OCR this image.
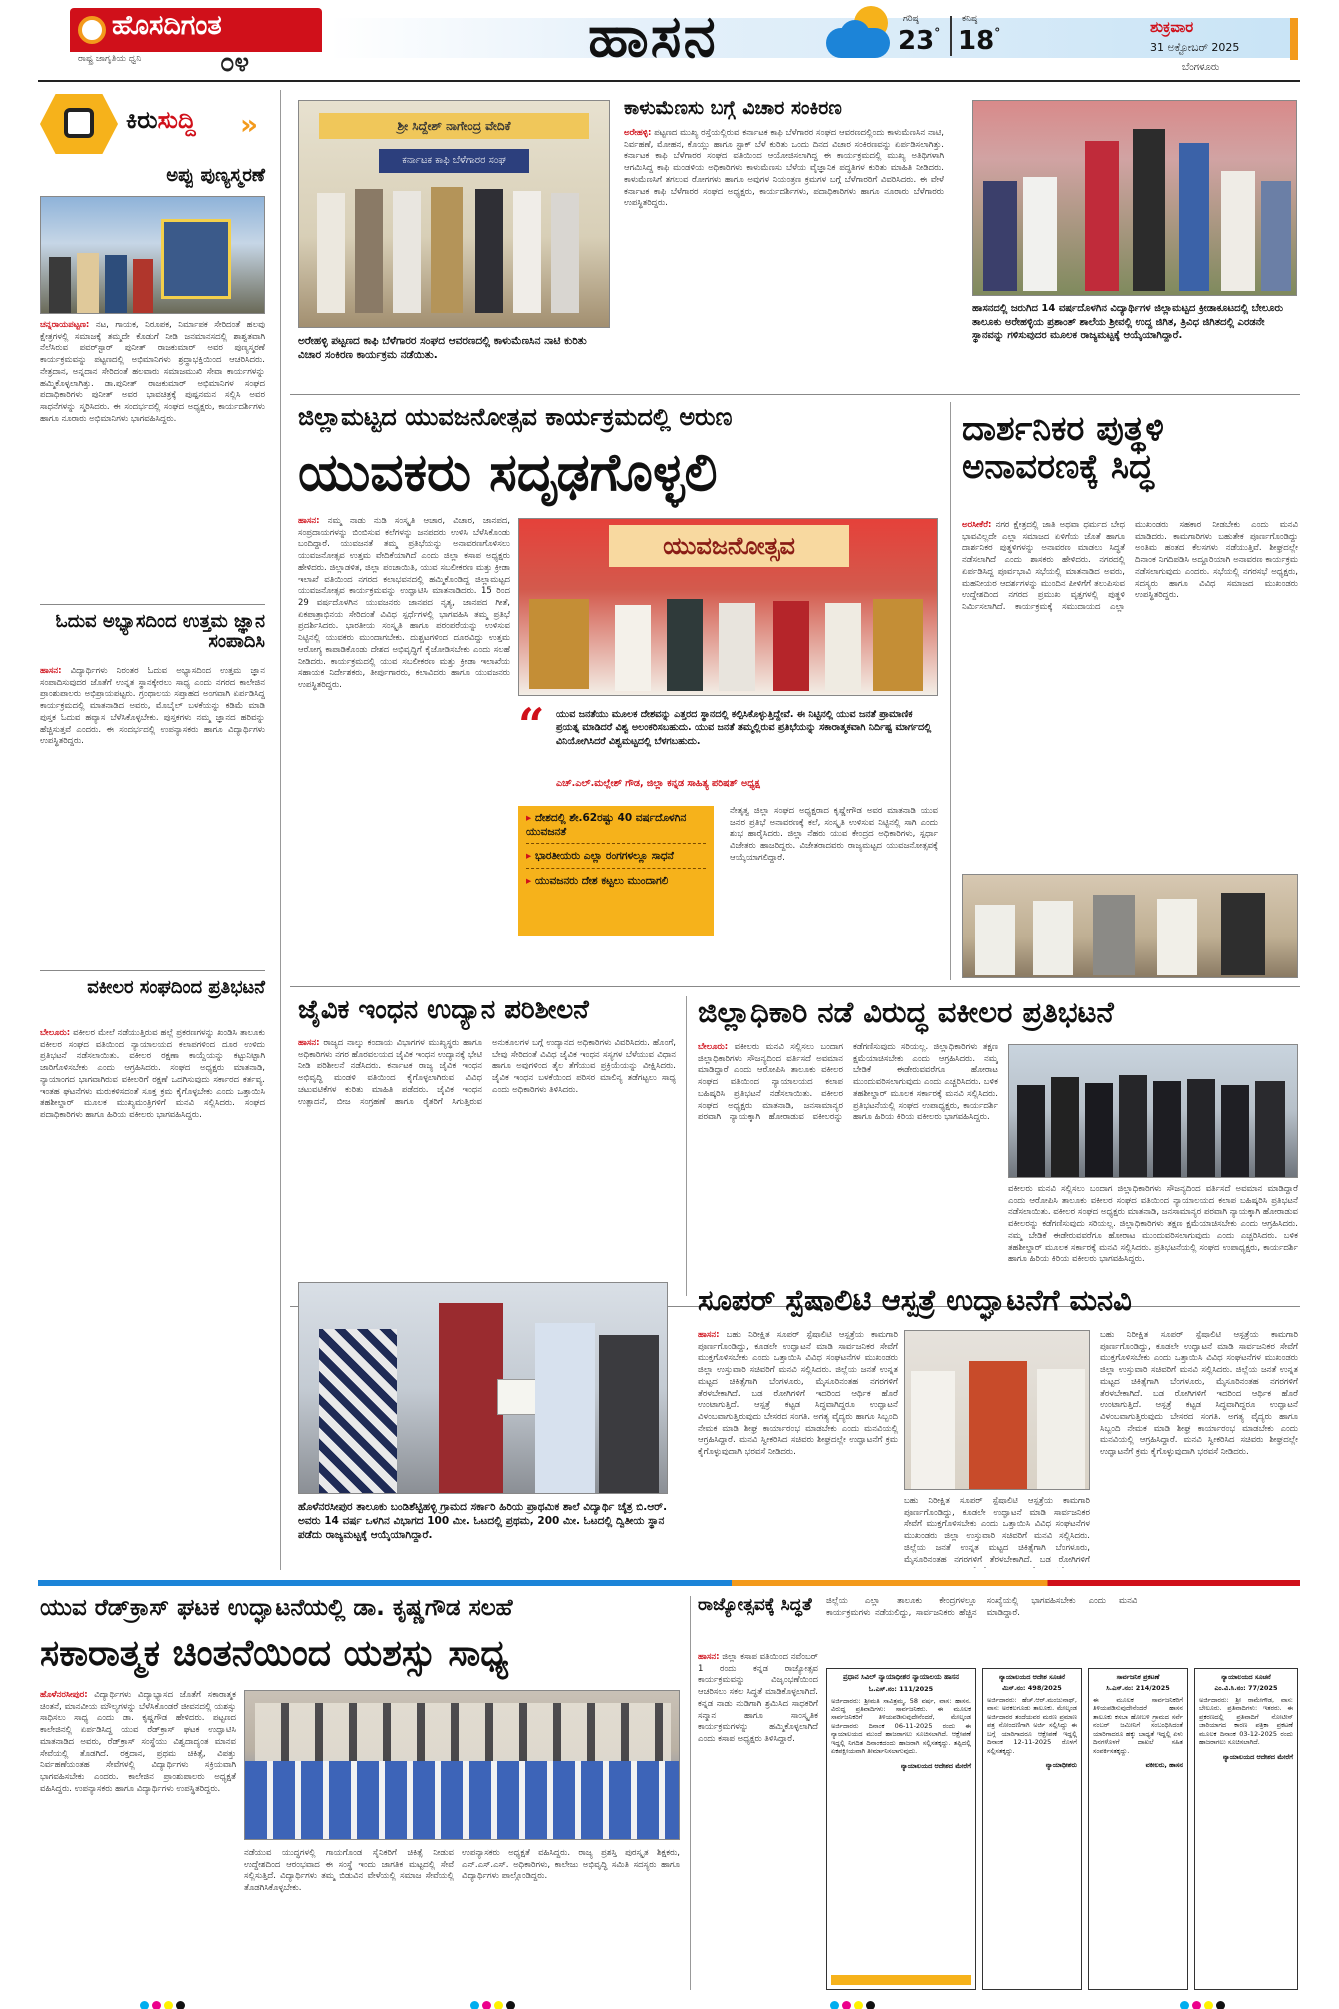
ಹೊಸದಿಗಂತ
ರಾಷ್ಟ್ರ ಜಾಗೃತಿಯ ಧ್ವನಿ	೦೪	ಹಾಸನ	ಗರಿಷ್ಠ
23°
ಕನಿಷ್ಠ
18°	ಶುಕ್ರವಾರ
31 ಅಕ್ಟೋಬರ್ 2025
ಬೆಂಗಳೂರು
ಕಿರುಸುದ್ದಿ »
ಅಪ್ಪು ಪುಣ್ಯಸ್ಮರಣೆ
ಚನ್ನರಾಯಪಟ್ಟಣ: ನಟ, ಗಾಯಕ, ನಿರೂಪಕ, ನಿರ್ಮಾಪಕ ಸೇರಿದಂತೆ ಹಲವು ಕ್ಷೇತ್ರಗಳಲ್ಲಿ ಸಮಾಜಕ್ಕೆ ತಮ್ಮದೇ ಕೊಡುಗೆ ನೀಡಿ ಜನಮಾನಸದಲ್ಲಿ ಶಾಶ್ವತವಾಗಿ ನೆಲೆಸಿರುವ ಪವರ್‌ಸ್ಟಾರ್ ಪುನೀತ್ ರಾಜಕುಮಾರ್ ಅವರ ಪುಣ್ಯಸ್ಮರಣೆ ಕಾರ್ಯಕ್ರಮವನ್ನು ಪಟ್ಟಣದಲ್ಲಿ ಅಭಿಮಾನಿಗಳು ಶ್ರದ್ಧಾಭಕ್ತಿಯಿಂದ ಆಚರಿಸಿದರು. ನೇತ್ರದಾನ, ಅನ್ನದಾನ ಸೇರಿದಂತೆ ಹಲವಾರು ಸಮಾಜಮುಖಿ ಸೇವಾ ಕಾರ್ಯಗಳನ್ನು ಹಮ್ಮಿಕೊಳ್ಳಲಾಗಿತ್ತು. ಡಾ.ಪುನೀತ್ ರಾಜಕುಮಾರ್ ಅಭಿಮಾನಿಗಳ ಸಂಘದ ಪದಾಧಿಕಾರಿಗಳು ಪುನೀತ್ ಅವರ ಭಾವಚಿತ್ರಕ್ಕೆ ಪುಷ್ಪನಮನ ಸಲ್ಲಿಸಿ ಅವರ ಸಾಧನೆಗಳನ್ನು ಸ್ಮರಿಸಿದರು. ಈ ಸಂದರ್ಭದಲ್ಲಿ ಸಂಘದ ಅಧ್ಯಕ್ಷರು, ಕಾರ್ಯದರ್ಶಿಗಳು ಹಾಗೂ ನೂರಾರು ಅಭಿಮಾನಿಗಳು ಭಾಗವಹಿಸಿದ್ದರು.
ಓದುವ ಅಭ್ಯಾಸದಿಂದ ಉತ್ತಮ ಜ್ಞಾನ ಸಂಪಾದಿಸಿ
ಹಾಸನ: ವಿದ್ಯಾರ್ಥಿಗಳು ನಿರಂತರ ಓದುವ ಅಭ್ಯಾಸದಿಂದ ಉತ್ತಮ ಜ್ಞಾನ ಸಂಪಾದಿಸುವುದರ ಜೊತೆಗೆ ಉನ್ನತ ಸ್ಥಾನಕ್ಕೇರಲು ಸಾಧ್ಯ ಎಂದು ನಗರದ ಕಾಲೇಜಿನ ಪ್ರಾಂಶುಪಾಲರು ಅಭಿಪ್ರಾಯಪಟ್ಟರು. ಗ್ರಂಥಾಲಯ ಸಪ್ತಾಹದ ಅಂಗವಾಗಿ ಏರ್ಪಡಿಸಿದ್ದ ಕಾರ್ಯಕ್ರಮದಲ್ಲಿ ಮಾತನಾಡಿದ ಅವರು, ಮೊಬೈಲ್ ಬಳಕೆಯನ್ನು ಕಡಿಮೆ ಮಾಡಿ ಪುಸ್ತಕ ಓದುವ ಹವ್ಯಾಸ ಬೆಳೆಸಿಕೊಳ್ಳಬೇಕು. ಪುಸ್ತಕಗಳು ನಮ್ಮ ಜ್ಞಾನದ ಹರಿವನ್ನು ಹೆಚ್ಚಿಸುತ್ತವೆ ಎಂದರು. ಈ ಸಂದರ್ಭದಲ್ಲಿ ಉಪನ್ಯಾಸಕರು ಹಾಗೂ ವಿದ್ಯಾರ್ಥಿಗಳು ಉಪಸ್ಥಿತರಿದ್ದರು.
ವಕೀಲರ ಸಂಘದಿಂದ ಪ್ರತಿಭಟನೆ
ಬೇಲೂರು: ವಕೀಲರ ಮೇಲೆ ನಡೆಯುತ್ತಿರುವ ಹಲ್ಲೆ ಪ್ರಕರಣಗಳನ್ನು ಖಂಡಿಸಿ ತಾಲೂಕು ವಕೀಲರ ಸಂಘದ ವತಿಯಿಂದ ನ್ಯಾಯಾಲಯದ ಕಲಾಪಗಳಿಂದ ದೂರ ಉಳಿದು ಪ್ರತಿಭಟನೆ ನಡೆಸಲಾಯಿತು. ವಕೀಲರ ರಕ್ಷಣಾ ಕಾಯ್ದೆಯನ್ನು ಕಟ್ಟುನಿಟ್ಟಾಗಿ ಜಾರಿಗೊಳಿಸಬೇಕು ಎಂದು ಆಗ್ರಹಿಸಿದರು. ಸಂಘದ ಅಧ್ಯಕ್ಷರು ಮಾತನಾಡಿ, ನ್ಯಾಯಾಂಗದ ಭಾಗವಾಗಿರುವ ವಕೀಲರಿಗೆ ರಕ್ಷಣೆ ಒದಗಿಸುವುದು ಸರ್ಕಾರದ ಕರ್ತವ್ಯ. ಇಂತಹ ಘಟನೆಗಳು ಮರುಕಳಿಸದಂತೆ ಸೂಕ್ತ ಕ್ರಮ ಕೈಗೊಳ್ಳಬೇಕು ಎಂದು ಒತ್ತಾಯಿಸಿ ತಹಶೀಲ್ದಾರ್ ಮೂಲಕ ಮುಖ್ಯಮಂತ್ರಿಗಳಿಗೆ ಮನವಿ ಸಲ್ಲಿಸಿದರು. ಸಂಘದ ಪದಾಧಿಕಾರಿಗಳು ಹಾಗೂ ಹಿರಿಯ ವಕೀಲರು ಭಾಗವಹಿಸಿದ್ದರು.
ಶ್ರೀ ಸಿದ್ದೇಶ್ ನಾಗೇಂದ್ರ ವೇದಿಕೆ
ಕರ್ನಾಟಕ ಕಾಫಿ ಬೆಳೆಗಾರರ ಸಂಘ
ಅರೇಹಳ್ಳಿ ಪಟ್ಟಣದ ಕಾಫಿ ಬೆಳೆಗಾರರ ಸಂಘದ ಆವರಣದಲ್ಲಿ ಕಾಳುಮೆಣಸಿನ ನಾಟಿ ಕುರಿತು ವಿಚಾರ ಸಂಕಿರಣ ಕಾರ್ಯಕ್ರಮ ನಡೆಯಿತು.
ಕಾಳುಮೆಣಸು ಬಗ್ಗೆ ವಿಚಾರ ಸಂಕಿರಣ
ಅರೇಹಳ್ಳಿ: ಪಟ್ಟಣದ ಮುಖ್ಯ ರಸ್ತೆಯಲ್ಲಿರುವ ಕರ್ನಾಟಕ ಕಾಫಿ ಬೆಳೆಗಾರರ ಸಂಘದ ಆವರಣದಲ್ಲಿಂದು ಕಾಳುಮೆಣಸಿನ ನಾಟಿ, ನಿರ್ವಹಣೆ, ಮೋಹನ, ಕೊಯ್ಲು ಹಾಗೂ ಸ್ಟಾಕ್ ಬೆಳೆ ಕುರಿತು ಒಂದು ದಿನದ ವಿಚಾರ ಸಂಕಿರಣವನ್ನು ಏರ್ಪಡಿಸಲಾಗಿತ್ತು. ಕರ್ನಾಟಕ ಕಾಫಿ ಬೆಳೆಗಾರರ ಸಂಘದ ವತಿಯಿಂದ ಆಯೋಜಿಸಲಾಗಿದ್ದ ಈ ಕಾರ್ಯಕ್ರಮದಲ್ಲಿ ಮುಖ್ಯ ಅತಿಥಿಗಳಾಗಿ ಆಗಮಿಸಿದ್ದ ಕಾಫಿ ಮಂಡಳಿಯ ಅಧಿಕಾರಿಗಳು ಕಾಳುಮೆಣಸು ಬೆಳೆಯ ವೈಜ್ಞಾನಿಕ ಪದ್ಧತಿಗಳ ಕುರಿತು ಮಾಹಿತಿ ನೀಡಿದರು. ಕಾಳುಮೆಣಸಿಗೆ ತಗಲುವ ರೋಗಗಳು ಹಾಗೂ ಅವುಗಳ ನಿಯಂತ್ರಣ ಕ್ರಮಗಳ ಬಗ್ಗೆ ಬೆಳೆಗಾರರಿಗೆ ವಿವರಿಸಿದರು. ಈ ವೇಳೆ ಕರ್ನಾಟಕ ಕಾಫಿ ಬೆಳೆಗಾರರ ಸಂಘದ ಅಧ್ಯಕ್ಷರು, ಕಾರ್ಯದರ್ಶಿಗಳು, ಪದಾಧಿಕಾರಿಗಳು ಹಾಗೂ ನೂರಾರು ಬೆಳೆಗಾರರು ಉಪಸ್ಥಿತರಿದ್ದರು.
ಹಾಸನದಲ್ಲಿ ಜರುಗಿದ 14 ವರ್ಷದೊಳಗಿನ ವಿದ್ಯಾರ್ಥಿಗಳ ಜಿಲ್ಲಾಮಟ್ಟದ ಕ್ರೀಡಾಕೂಟದಲ್ಲಿ ಬೇಲೂರು ತಾಲೂಕು ಅರೇಹಳ್ಳಿಯ ಪ್ರಶಾಂತ್ ಶಾಲೆಯ ಶ್ರೀವಲ್ಲಿ ಉದ್ದ ಜಿಗಿತ, ತ್ರಿವಿಧ ಜಿಗಿತದಲ್ಲಿ ಎರಡನೇ ಸ್ಥಾನವನ್ನು ಗಳಿಸುವುದರ ಮೂಲಕ ರಾಜ್ಯಮಟ್ಟಕ್ಕೆ ಆಯ್ಕೆಯಾಗಿದ್ದಾರೆ.
ಜಿಲ್ಲಾಮಟ್ಟದ ಯುವಜನೋತ್ಸವ ಕಾರ್ಯಕ್ರಮದಲ್ಲಿ ಅರುಣ
ಯುವಕರು ಸದೃಢಗೊಳ್ಳಲಿ
ಹಾಸನ: ನಮ್ಮ ನಾಡು ನುಡಿ ಸಂಸ್ಕೃತಿ ಆಚಾರ, ವಿಚಾರ, ಜಾನಪದ, ಸಂಪ್ರದಾಯಗಳನ್ನು ಬಿಂಬಿಸುವ ಕಲೆಗಳನ್ನು ಜನಪದರು ಉಳಿಸಿ ಬೆಳೆಸಿಕೊಂಡು ಬಂದಿದ್ದಾರೆ. ಯುವಜನತೆ ತಮ್ಮ ಪ್ರತಿಭೆಯನ್ನು ಅನಾವರಣಗೊಳಿಸಲು ಯುವಜನೋತ್ಸವ ಉತ್ತಮ ವೇದಿಕೆಯಾಗಿದೆ ಎಂದು ಜಿಲ್ಲಾ ಕಸಾಪ ಅಧ್ಯಕ್ಷರು ಹೇಳಿದರು. ಜಿಲ್ಲಾಡಳಿತ, ಜಿಲ್ಲಾ ಪಂಚಾಯಿತಿ, ಯುವ ಸಬಲೀಕರಣ ಮತ್ತು ಕ್ರೀಡಾ ಇಲಾಖೆ ವತಿಯಿಂದ ನಗರದ ಕಲಾಭವನದಲ್ಲಿ ಹಮ್ಮಿಕೊಂಡಿದ್ದ ಜಿಲ್ಲಾಮಟ್ಟದ ಯುವಜನೋತ್ಸವ ಕಾರ್ಯಕ್ರಮವನ್ನು ಉದ್ಘಾಟಿಸಿ ಮಾತನಾಡಿದರು. 15 ರಿಂದ 29 ವರ್ಷದೊಳಗಿನ ಯುವಜನರು ಜಾನಪದ ನೃತ್ಯ, ಜಾನಪದ ಗೀತೆ, ಏಕಪಾತ್ರಾಭಿನಯ ಸೇರಿದಂತೆ ವಿವಿಧ ಸ್ಪರ್ಧೆಗಳಲ್ಲಿ ಭಾಗವಹಿಸಿ ತಮ್ಮ ಪ್ರತಿಭೆ ಪ್ರದರ್ಶಿಸಿದರು. ಭಾರತೀಯ ಸಂಸ್ಕೃತಿ ಹಾಗೂ ಪರಂಪರೆಯನ್ನು ಉಳಿಸುವ ನಿಟ್ಟಿನಲ್ಲಿ ಯುವಕರು ಮುಂದಾಗಬೇಕು. ದುಶ್ಚಟಗಳಿಂದ ದೂರವಿದ್ದು ಉತ್ತಮ ಆರೋಗ್ಯ ಕಾಪಾಡಿಕೊಂಡು ದೇಶದ ಅಭಿವೃದ್ಧಿಗೆ ಕೈಜೋಡಿಸಬೇಕು ಎಂದು ಸಲಹೆ ನೀಡಿದರು. ಕಾರ್ಯಕ್ರಮದಲ್ಲಿ ಯುವ ಸಬಲೀಕರಣ ಮತ್ತು ಕ್ರೀಡಾ ಇಲಾಖೆಯ ಸಹಾಯಕ ನಿರ್ದೇಶಕರು, ತೀರ್ಪುಗಾರರು, ಕಲಾವಿದರು ಹಾಗೂ ಯುವಜನರು ಉಪಸ್ಥಿತರಿದ್ದರು.
ಯುವಜನೋತ್ಸವ
“ ಯುವ ಜನತೆಯು ಮೂಲಕ ದೇಶವನ್ನು ಎತ್ತರದ ಸ್ಥಾನದಲ್ಲಿ ಕಲ್ಪಿಸಿಕೊಳ್ಳುತ್ತಿದ್ದೇವೆ. ಈ ನಿಟ್ಟಿನಲ್ಲಿ ಯುವ ಜನತೆ ಪ್ರಾಮಾಣಿಕ ಪ್ರಯತ್ನ ಮಾಡಿದರೆ ವಿಶ್ವ ಅಲಂಕರಿಸಬಹುದು. ಯುವ ಜನತೆ ತಮ್ಮಲ್ಲಿರುವ ಪ್ರತಿಭೆಯನ್ನು ಸಕಾರಾತ್ಮಕವಾಗಿ ನಿರ್ದಿಷ್ಟ ಮಾರ್ಗದಲ್ಲಿ ವಿನಿಯೋಗಿಸಿದರೆ ವಿಶ್ವಮಟ್ಟದಲ್ಲಿ ಬೆಳಗಬಹುದು.
ಎಚ್.ಎಲ್.ಮಲ್ಲೇಶ್ ಗೌಡ, ಜಿಲ್ಲಾ ಕನ್ನಡ ಸಾಹಿತ್ಯ ಪರಿಷತ್ ಅಧ್ಯಕ್ಷ
▸ ದೇಶದಲ್ಲಿ ಶೇ.62ರಷ್ಟು 40 ವರ್ಷದೊಳಗಿನ ಯುವಜನತೆ
▸ ಭಾರತೀಯರು ಎಲ್ಲಾ ರಂಗಗಳಲ್ಲೂ ಸಾಧನೆ
▸ ಯುವಜನರು ದೇಶ ಕಟ್ಟಲು ಮುಂದಾಗಲಿ
ನೇತೃತ್ವ ಜಿಲ್ಲಾ ಸಂಘದ ಅಧ್ಯಕ್ಷರಾದ ಕೃಷ್ಣೇಗೌಡ ಅವರ ಮಾತನಾಡಿ ಯುವ ಜನರ ಪ್ರತಿಭೆ ಅನಾವರಣಕ್ಕೆ ಕಲೆ, ಸಂಸ್ಕೃತಿ ಉಳಿಸುವ ನಿಟ್ಟಿನಲ್ಲಿ ಸಾಗಿ ಎಂದು ಶುಭ ಹಾರೈಸಿದರು. ಜಿಲ್ಲಾ ನೆಹರು ಯುವ ಕೇಂದ್ರದ ಅಧಿಕಾರಿಗಳು, ಸ್ಪರ್ಧಾ ವಿಜೇತರು ಹಾಜರಿದ್ದರು. ವಿಜೇತರಾದವರು ರಾಜ್ಯಮಟ್ಟದ ಯುವಜನೋತ್ಸವಕ್ಕೆ ಆಯ್ಕೆಯಾಗಲಿದ್ದಾರೆ.
ದಾರ್ಶನಿಕರ ಪುತ್ಥಳಿ ಅನಾವರಣಕ್ಕೆ ಸಿದ್ಧ
ಅರಸೀಕೆರೆ: ನಗರ ಕ್ಷೇತ್ರದಲ್ಲಿ ಜಾತಿ ಅಥವಾ ಧರ್ಮದ ಬೇಧ ಭಾವವಿಲ್ಲದೇ ಎಲ್ಲಾ ಸಮಾಜದ ಏಳಿಗೆಯ ಜೊತೆ ಹಾಗೂ ದಾರ್ಶನಿಕರ ಪುತ್ಥಳಿಗಳನ್ನು ಅನಾವರಣ ಮಾಡಲು ಸಿದ್ಧತೆ ನಡೆಸಲಾಗಿದೆ ಎಂದು ಶಾಸಕರು ಹೇಳಿದರು. ನಗರದಲ್ಲಿ ಏರ್ಪಡಿಸಿದ್ದ ಪೂರ್ವಭಾವಿ ಸಭೆಯಲ್ಲಿ ಮಾತನಾಡಿದ ಅವರು, ಮಹನೀಯರ ಆದರ್ಶಗಳನ್ನು ಮುಂದಿನ ಪೀಳಿಗೆಗೆ ತಲುಪಿಸುವ ಉದ್ದೇಶದಿಂದ ನಗರದ ಪ್ರಮುಖ ವೃತ್ತಗಳಲ್ಲಿ ಪುತ್ಥಳಿ ನಿರ್ಮಿಸಲಾಗಿದೆ. ಕಾರ್ಯಕ್ರಮಕ್ಕೆ ಸಮುದಾಯದ ಎಲ್ಲಾ ಮುಖಂಡರು ಸಹಕಾರ ನೀಡಬೇಕು ಎಂದು ಮನವಿ ಮಾಡಿದರು. ಕಾಮಗಾರಿಗಳು ಬಹುತೇಕ ಪೂರ್ಣಗೊಂಡಿದ್ದು ಅಂತಿಮ ಹಂತದ ಕೆಲಸಗಳು ನಡೆಯುತ್ತಿವೆ. ಶೀಘ್ರದಲ್ಲೇ ದಿನಾಂಕ ನಿಗದಿಪಡಿಸಿ ಅದ್ದೂರಿಯಾಗಿ ಅನಾವರಣ ಕಾರ್ಯಕ್ರಮ ನಡೆಸಲಾಗುವುದು ಎಂದರು. ಸಭೆಯಲ್ಲಿ ನಗರಸಭೆ ಅಧ್ಯಕ್ಷರು, ಸದಸ್ಯರು ಹಾಗೂ ವಿವಿಧ ಸಮಾಜದ ಮುಖಂಡರು ಉಪಸ್ಥಿತರಿದ್ದರು.
ಜೈವಿಕ ಇಂಧನ ಉದ್ಯಾನ ಪರಿಶೀಲನೆ
ಹಾಸನ: ರಾಜ್ಯದ ನಾಲ್ಕು ಕಂದಾಯ ವಿಭಾಗಗಳ ಮುಖ್ಯಸ್ಥರು ಹಾಗೂ ಅಧಿಕಾರಿಗಳು ನಗರ ಹೊರವಲಯದ ಜೈವಿಕ ಇಂಧನ ಉದ್ಯಾನಕ್ಕೆ ಭೇಟಿ ನೀಡಿ ಪರಿಶೀಲನೆ ನಡೆಸಿದರು. ಕರ್ನಾಟಕ ರಾಜ್ಯ ಜೈವಿಕ ಇಂಧನ ಅಭಿವೃದ್ಧಿ ಮಂಡಳಿ ವತಿಯಿಂದ ಕೈಗೊಳ್ಳಲಾಗಿರುವ ವಿವಿಧ ಚಟುವಟಿಕೆಗಳ ಕುರಿತು ಮಾಹಿತಿ ಪಡೆದರು. ಜೈವಿಕ ಇಂಧನ ಉತ್ಪಾದನೆ, ಬೀಜ ಸಂಗ್ರಹಣೆ ಹಾಗೂ ರೈತರಿಗೆ ಸಿಗುತ್ತಿರುವ ಅನುಕೂಲಗಳ ಬಗ್ಗೆ ಉದ್ಯಾನದ ಅಧಿಕಾರಿಗಳು ವಿವರಿಸಿದರು. ಹೊಂಗೆ, ಬೇವು ಸೇರಿದಂತೆ ವಿವಿಧ ಜೈವಿಕ ಇಂಧನ ಸಸ್ಯಗಳ ಬೆಳೆಯುವ ವಿಧಾನ ಹಾಗೂ ಅವುಗಳಿಂದ ತೈಲ ತೆಗೆಯುವ ಪ್ರಕ್ರಿಯೆಯನ್ನು ವೀಕ್ಷಿಸಿದರು. ಜೈವಿಕ ಇಂಧನ ಬಳಕೆಯಿಂದ ಪರಿಸರ ಮಾಲಿನ್ಯ ತಡೆಗಟ್ಟಲು ಸಾಧ್ಯ ಎಂದು ಅಧಿಕಾರಿಗಳು ತಿಳಿಸಿದರು.
ಜಿಲ್ಲಾಧಿಕಾರಿ ನಡೆ ವಿರುದ್ಧ ವಕೀಲರ ಪ್ರತಿಭಟನೆ
ಬೇಲೂರು: ವಕೀಲರು ಮನವಿ ಸಲ್ಲಿಸಲು ಬಂದಾಗ ಜಿಲ್ಲಾಧಿಕಾರಿಗಳು ಸೌಜನ್ಯದಿಂದ ವರ್ತಿಸದೆ ಅವಮಾನ ಮಾಡಿದ್ದಾರೆ ಎಂದು ಆರೋಪಿಸಿ ತಾಲೂಕು ವಕೀಲರ ಸಂಘದ ವತಿಯಿಂದ ನ್ಯಾಯಾಲಯದ ಕಲಾಪ ಬಹಿಷ್ಕರಿಸಿ ಪ್ರತಿಭಟನೆ ನಡೆಸಲಾಯಿತು. ವಕೀಲರ ಸಂಘದ ಅಧ್ಯಕ್ಷರು ಮಾತನಾಡಿ, ಜನಸಾಮಾನ್ಯರ ಪರವಾಗಿ ನ್ಯಾಯಕ್ಕಾಗಿ ಹೋರಾಡುವ ವಕೀಲರನ್ನು ಕಡೆಗಣಿಸುವುದು ಸರಿಯಲ್ಲ. ಜಿಲ್ಲಾಧಿಕಾರಿಗಳು ತಕ್ಷಣ ಕ್ಷಮೆಯಾಚಿಸಬೇಕು ಎಂದು ಆಗ್ರಹಿಸಿದರು. ನಮ್ಮ ಬೇಡಿಕೆ ಈಡೇರುವವರೆಗೂ ಹೋರಾಟ ಮುಂದುವರಿಸಲಾಗುವುದು ಎಂದು ಎಚ್ಚರಿಸಿದರು. ಬಳಿಕ ತಹಶೀಲ್ದಾರ್ ಮೂಲಕ ಸರ್ಕಾರಕ್ಕೆ ಮನವಿ ಸಲ್ಲಿಸಿದರು. ಪ್ರತಿಭಟನೆಯಲ್ಲಿ ಸಂಘದ ಉಪಾಧ್ಯಕ್ಷರು, ಕಾರ್ಯದರ್ಶಿ ಹಾಗೂ ಹಿರಿಯ ಕಿರಿಯ ವಕೀಲರು ಭಾಗವಹಿಸಿದ್ದರು.
ವಕೀಲರು ಮನವಿ ಸಲ್ಲಿಸಲು ಬಂದಾಗ ಜಿಲ್ಲಾಧಿಕಾರಿಗಳು ಸೌಜನ್ಯದಿಂದ ವರ್ತಿಸದೆ ಅವಮಾನ ಮಾಡಿದ್ದಾರೆ ಎಂದು ಆರೋಪಿಸಿ ತಾಲೂಕು ವಕೀಲರ ಸಂಘದ ವತಿಯಿಂದ ನ್ಯಾಯಾಲಯದ ಕಲಾಪ ಬಹಿಷ್ಕರಿಸಿ ಪ್ರತಿಭಟನೆ ನಡೆಸಲಾಯಿತು. ವಕೀಲರ ಸಂಘದ ಅಧ್ಯಕ್ಷರು ಮಾತನಾಡಿ, ಜನಸಾಮಾನ್ಯರ ಪರವಾಗಿ ನ್ಯಾಯಕ್ಕಾಗಿ ಹೋರಾಡುವ ವಕೀಲರನ್ನು ಕಡೆಗಣಿಸುವುದು ಸರಿಯಲ್ಲ. ಜಿಲ್ಲಾಧಿಕಾರಿಗಳು ತಕ್ಷಣ ಕ್ಷಮೆಯಾಚಿಸಬೇಕು ಎಂದು ಆಗ್ರಹಿಸಿದರು. ನಮ್ಮ ಬೇಡಿಕೆ ಈಡೇರುವವರೆಗೂ ಹೋರಾಟ ಮುಂದುವರಿಸಲಾಗುವುದು ಎಂದು ಎಚ್ಚರಿಸಿದರು. ಬಳಿಕ ತಹಶೀಲ್ದಾರ್ ಮೂಲಕ ಸರ್ಕಾರಕ್ಕೆ ಮನವಿ ಸಲ್ಲಿಸಿದರು. ಪ್ರತಿಭಟನೆಯಲ್ಲಿ ಸಂಘದ ಉಪಾಧ್ಯಕ್ಷರು, ಕಾರ್ಯದರ್ಶಿ ಹಾಗೂ ಹಿರಿಯ ಕಿರಿಯ ವಕೀಲರು ಭಾಗವಹಿಸಿದ್ದರು.
ಹೊಳೆನರಸೀಪುರ ತಾಲೂಕು ಬಂಡಿಶೆಟ್ಟಿಹಳ್ಳಿ ಗ್ರಾಮದ ಸರ್ಕಾರಿ ಹಿರಿಯ ಪ್ರಾಥಮಿಕ ಶಾಲೆ ವಿದ್ಯಾರ್ಥಿ ಚೈತ್ರ ಬಿ.ಆರ್. ಅವರು 14 ವರ್ಷ ಒಳಗಿನ ವಿಭಾಗದ 100 ಮೀ. ಓಟದಲ್ಲಿ ಪ್ರಥಮ, 200 ಮೀ. ಓಟದಲ್ಲಿ ದ್ವಿತೀಯ ಸ್ಥಾನ ಪಡೆದು ರಾಜ್ಯಮಟ್ಟಕ್ಕೆ ಆಯ್ಕೆಯಾಗಿದ್ದಾರೆ.
ಸೂಪರ್ ಸ್ಪೆಷಾಲಿಟಿ ಆಸ್ಪತ್ರೆ ಉದ್ಘಾಟನೆಗೆ ಮನವಿ
ಹಾಸನ: ಬಹು ನಿರೀಕ್ಷಿತ ಸೂಪರ್ ಸ್ಪೆಷಾಲಿಟಿ ಆಸ್ಪತ್ರೆಯ ಕಾಮಗಾರಿ ಪೂರ್ಣಗೊಂಡಿದ್ದು, ಕೂಡಲೇ ಉದ್ಘಾಟನೆ ಮಾಡಿ ಸಾರ್ವಜನಿಕರ ಸೇವೆಗೆ ಮುಕ್ತಗೊಳಿಸಬೇಕು ಎಂದು ಒತ್ತಾಯಿಸಿ ವಿವಿಧ ಸಂಘಟನೆಗಳ ಮುಖಂಡರು ಜಿಲ್ಲಾ ಉಸ್ತುವಾರಿ ಸಚಿವರಿಗೆ ಮನವಿ ಸಲ್ಲಿಸಿದರು. ಜಿಲ್ಲೆಯ ಜನತೆ ಉನ್ನತ ಮಟ್ಟದ ಚಿಕಿತ್ಸೆಗಾಗಿ ಬೆಂಗಳೂರು, ಮೈಸೂರಿನಂತಹ ನಗರಗಳಿಗೆ ತೆರಳಬೇಕಾಗಿದೆ. ಬಡ ರೋಗಿಗಳಿಗೆ ಇದರಿಂದ ಆರ್ಥಿಕ ಹೊರೆ ಉಂಟಾಗುತ್ತಿದೆ. ಆಸ್ಪತ್ರೆ ಕಟ್ಟಡ ಸಿದ್ಧವಾಗಿದ್ದರೂ ಉದ್ಘಾಟನೆ ವಿಳಂಬವಾಗುತ್ತಿರುವುದು ಬೇಸರದ ಸಂಗತಿ. ಅಗತ್ಯ ವೈದ್ಯರು ಹಾಗೂ ಸಿಬ್ಬಂದಿ ನೇಮಕ ಮಾಡಿ ಶೀಘ್ರ ಕಾರ್ಯಾರಂಭ ಮಾಡಬೇಕು ಎಂದು ಮನವಿಯಲ್ಲಿ ಆಗ್ರಹಿಸಿದ್ದಾರೆ. ಮನವಿ ಸ್ವೀಕರಿಸಿದ ಸಚಿವರು ಶೀಘ್ರದಲ್ಲೇ ಉದ್ಘಾಟನೆಗೆ ಕ್ರಮ ಕೈಗೊಳ್ಳುವುದಾಗಿ ಭರವಸೆ ನೀಡಿದರು.
ಬಹು ನಿರೀಕ್ಷಿತ ಸೂಪರ್ ಸ್ಪೆಷಾಲಿಟಿ ಆಸ್ಪತ್ರೆಯ ಕಾಮಗಾರಿ ಪೂರ್ಣಗೊಂಡಿದ್ದು, ಕೂಡಲೇ ಉದ್ಘಾಟನೆ ಮಾಡಿ ಸಾರ್ವಜನಿಕರ ಸೇವೆಗೆ ಮುಕ್ತಗೊಳಿಸಬೇಕು ಎಂದು ಒತ್ತಾಯಿಸಿ ವಿವಿಧ ಸಂಘಟನೆಗಳ ಮುಖಂಡರು ಜಿಲ್ಲಾ ಉಸ್ತುವಾರಿ ಸಚಿವರಿಗೆ ಮನವಿ ಸಲ್ಲಿಸಿದರು. ಜಿಲ್ಲೆಯ ಜನತೆ ಉನ್ನತ ಮಟ್ಟದ ಚಿಕಿತ್ಸೆಗಾಗಿ ಬೆಂಗಳೂರು, ಮೈಸೂರಿನಂತಹ ನಗರಗಳಿಗೆ ತೆರಳಬೇಕಾಗಿದೆ. ಬಡ ರೋಗಿಗಳಿಗೆ
ಬಹು ನಿರೀಕ್ಷಿತ ಸೂಪರ್ ಸ್ಪೆಷಾಲಿಟಿ ಆಸ್ಪತ್ರೆಯ ಕಾಮಗಾರಿ ಪೂರ್ಣಗೊಂಡಿದ್ದು, ಕೂಡಲೇ ಉದ್ಘಾಟನೆ ಮಾಡಿ ಸಾರ್ವಜನಿಕರ ಸೇವೆಗೆ ಮುಕ್ತಗೊಳಿಸಬೇಕು ಎಂದು ಒತ್ತಾಯಿಸಿ ವಿವಿಧ ಸಂಘಟನೆಗಳ ಮುಖಂಡರು ಜಿಲ್ಲಾ ಉಸ್ತುವಾರಿ ಸಚಿವರಿಗೆ ಮನವಿ ಸಲ್ಲಿಸಿದರು. ಜಿಲ್ಲೆಯ ಜನತೆ ಉನ್ನತ ಮಟ್ಟದ ಚಿಕಿತ್ಸೆಗಾಗಿ ಬೆಂಗಳೂರು, ಮೈಸೂರಿನಂತಹ ನಗರಗಳಿಗೆ ತೆರಳಬೇಕಾಗಿದೆ. ಬಡ ರೋಗಿಗಳಿಗೆ ಇದರಿಂದ ಆರ್ಥಿಕ ಹೊರೆ ಉಂಟಾಗುತ್ತಿದೆ. ಆಸ್ಪತ್ರೆ ಕಟ್ಟಡ ಸಿದ್ಧವಾಗಿದ್ದರೂ ಉದ್ಘಾಟನೆ ವಿಳಂಬವಾಗುತ್ತಿರುವುದು ಬೇಸರದ ಸಂಗತಿ. ಅಗತ್ಯ ವೈದ್ಯರು ಹಾಗೂ ಸಿಬ್ಬಂದಿ ನೇಮಕ ಮಾಡಿ ಶೀಘ್ರ ಕಾರ್ಯಾರಂಭ ಮಾಡಬೇಕು ಎಂದು ಮನವಿಯಲ್ಲಿ ಆಗ್ರಹಿಸಿದ್ದಾರೆ. ಮನವಿ ಸ್ವೀಕರಿಸಿದ ಸಚಿವರು ಶೀಘ್ರದಲ್ಲೇ ಉದ್ಘಾಟನೆಗೆ ಕ್ರಮ ಕೈಗೊಳ್ಳುವುದಾಗಿ ಭರವಸೆ ನೀಡಿದರು.
ಯುವ ರೆಡ್‌ಕ್ರಾಸ್ ಘಟಕ ಉದ್ಘಾಟನೆಯಲ್ಲಿ ಡಾ. ಕೃಷ್ಣಗೌಡ ಸಲಹೆ
ಸಕಾರಾತ್ಮಕ ಚಿಂತನೆಯಿಂದ ಯಶಸ್ಸು ಸಾಧ್ಯ
ಹೊಳೆನರಸೀಪುರ: ವಿದ್ಯಾರ್ಥಿಗಳು ವಿದ್ಯಾಭ್ಯಾಸದ ಜೊತೆಗೆ ಸಕಾರಾತ್ಮಕ ಚಿಂತನೆ, ಮಾನವೀಯ ಮೌಲ್ಯಗಳನ್ನು ಬೆಳೆಸಿಕೊಂಡರೆ ಜೀವನದಲ್ಲಿ ಯಶಸ್ಸು ಸಾಧಿಸಲು ಸಾಧ್ಯ ಎಂದು ಡಾ. ಕೃಷ್ಣಗೌಡ ಹೇಳಿದರು. ಪಟ್ಟಣದ ಕಾಲೇಜಿನಲ್ಲಿ ಏರ್ಪಡಿಸಿದ್ದ ಯುವ ರೆಡ್‌ಕ್ರಾಸ್ ಘಟಕ ಉದ್ಘಾಟಿಸಿ ಮಾತನಾಡಿದ ಅವರು, ರೆಡ್‌ಕ್ರಾಸ್ ಸಂಸ್ಥೆಯು ವಿಶ್ವದಾದ್ಯಂತ ಮಾನವ ಸೇವೆಯಲ್ಲಿ ತೊಡಗಿದೆ. ರಕ್ತದಾನ, ಪ್ರಥಮ ಚಿಕಿತ್ಸೆ, ವಿಪತ್ತು ನಿರ್ವಹಣೆಯಂತಹ ಸೇವೆಗಳಲ್ಲಿ ವಿದ್ಯಾರ್ಥಿಗಳು ಸಕ್ರಿಯವಾಗಿ ಭಾಗವಹಿಸಬೇಕು ಎಂದರು. ಕಾಲೇಜಿನ ಪ್ರಾಂಶುಪಾಲರು ಅಧ್ಯಕ್ಷತೆ ವಹಿಸಿದ್ದರು. ಉಪನ್ಯಾಸಕರು ಹಾಗೂ ವಿದ್ಯಾರ್ಥಿಗಳು ಉಪಸ್ಥಿತರಿದ್ದರು.
ನಡೆಯುವ ಯುದ್ಧಗಳಲ್ಲಿ ಗಾಯಗೊಂಡ ಸೈನಿಕರಿಗೆ ಚಿಕಿತ್ಸೆ ನೀಡುವ ಉದ್ದೇಶದಿಂದ ಆರಂಭವಾದ ಈ ಸಂಸ್ಥೆ ಇಂದು ಜಾಗತಿಕ ಮಟ್ಟದಲ್ಲಿ ಸೇವೆ ಸಲ್ಲಿಸುತ್ತಿದೆ. ವಿದ್ಯಾರ್ಥಿಗಳು ತಮ್ಮ ಬಿಡುವಿನ ವೇಳೆಯಲ್ಲಿ ಸಮಾಜ ಸೇವೆಯಲ್ಲಿ ತೊಡಗಿಸಿಕೊಳ್ಳಬೇಕು.
ಉಪನ್ಯಾಸಕರು ಅಧ್ಯಕ್ಷತೆ ವಹಿಸಿದ್ದರು. ರಾಜ್ಯ ಪ್ರಶಸ್ತಿ ಪುರಸ್ಕೃತ ಶಿಕ್ಷಕರು, ಎನ್.ಎಸ್.ಎಸ್. ಅಧಿಕಾರಿಗಳು, ಕಾಲೇಜು ಅಭಿವೃದ್ಧಿ ಸಮಿತಿ ಸದಸ್ಯರು ಹಾಗೂ ವಿದ್ಯಾರ್ಥಿಗಳು ಪಾಲ್ಗೊಂಡಿದ್ದರು.
ರಾಜ್ಯೋತ್ಸವಕ್ಕೆ ಸಿದ್ಧತೆ
ಹಾಸನ: ಜಿಲ್ಲಾ ಕಸಾಪ ವತಿಯಿಂದ ನವೆಂಬರ್ 1 ರಂದು ಕನ್ನಡ ರಾಜ್ಯೋತ್ಸವ ಕಾರ್ಯಕ್ರಮವನ್ನು ವಿಜೃಂಭಣೆಯಿಂದ ಆಚರಿಸಲು ಸಕಲ ಸಿದ್ಧತೆ ಮಾಡಿಕೊಳ್ಳಲಾಗಿದೆ. ಕನ್ನಡ ನಾಡು ನುಡಿಗಾಗಿ ಶ್ರಮಿಸಿದ ಸಾಧಕರಿಗೆ ಸನ್ಮಾನ ಹಾಗೂ ಸಾಂಸ್ಕೃತಿಕ ಕಾರ್ಯಕ್ರಮಗಳನ್ನು ಹಮ್ಮಿಕೊಳ್ಳಲಾಗಿದೆ ಎಂದು ಕಸಾಪ ಅಧ್ಯಕ್ಷರು ತಿಳಿಸಿದ್ದಾರೆ.
ಜಿಲ್ಲೆಯ ಎಲ್ಲಾ ತಾಲೂಕು ಕೇಂದ್ರಗಳಲ್ಲೂ ಕಾರ್ಯಕ್ರಮಗಳು ನಡೆಯಲಿದ್ದು, ಸಾರ್ವಜನಿಕರು ಹೆಚ್ಚಿನ ಸಂಖ್ಯೆಯಲ್ಲಿ ಭಾಗವಹಿಸಬೇಕು ಎಂದು ಮನವಿ ಮಾಡಿದ್ದಾರೆ.
ಪ್ರಧಾನ ಸಿವಿಲ್ ನ್ಯಾಯಾಧೀಶರ ನ್ಯಾಯಾಲಯ ಹಾಸನ
ಓ.ಎಸ್.ನಂ: 111/2025
ಅರ್ಜಿದಾರರು: ಶ್ರೀಮತಿ ಸಾವಿತ್ರಮ್ಮ, 58 ವರ್ಷ, ವಾಸ: ಹಾಸನ. ವಿರುದ್ಧ ಪ್ರತಿವಾದಿಗಳು: ಸಾರ್ವಜನಿಕರು. ಈ ಮೂಲಕ ಸಾರ್ವಜನಿಕರಿಗೆ ತಿಳಿಯಪಡಿಸುವುದೇನೆಂದರೆ, ಮೇಲ್ಕಂಡ ಅರ್ಜಿದಾರರು ದಿನಾಂಕ 06-11-2025 ರಂದು ಈ ನ್ಯಾಯಾಲಯದ ಮುಂದೆ ಹಾಜರಾಗಲು ಸೂಚಿಸಲಾಗಿದೆ. ಆಕ್ಷೇಪಣೆ ಇದ್ದಲ್ಲಿ ನಿಗದಿತ ದಿನಾಂಕದಂದು ಹಾಜರಾಗಿ ಸಲ್ಲಿಸತಕ್ಕದ್ದು. ತಪ್ಪಿದಲ್ಲಿ ಏಕಪಕ್ಷೀಯವಾಗಿ ತೀರ್ಮಾನಿಸಲಾಗುವುದು.
ನ್ಯಾಯಾಲಯದ ಆದೇಶದ ಮೇರೆಗೆ
ನ್ಯಾಯಾಲಯದ ಆದೇಶ ಸೂಚನೆ
ಮಿಸ್.ನಂ: 498/2025
ಅರ್ಜಿದಾರರು: ಹೆಚ್.ಆರ್.ಮಂಜುನಾಥ್, ವಾಸ: ಅರಕಲಗೂಡು ತಾಲೂಕು. ಮೇಲ್ಕಂಡ ಅರ್ಜಿದಾರರ ತಂದೆಯವರ ಮರಣ ಪ್ರಮಾಣ ಪತ್ರ ನೋಂದಣಿಗಾಗಿ ಅರ್ಜಿ ಸಲ್ಲಿಸಿದ್ದು ಈ ಬಗ್ಗೆ ಯಾರಿಗಾದರೂ ಆಕ್ಷೇಪಣೆ ಇದ್ದಲ್ಲಿ ದಿನಾಂಕ 12-11-2025 ರೊಳಗೆ ಸಲ್ಲಿಸತಕ್ಕದ್ದು.
ನ್ಯಾಯಾಧೀಶರು
ಸಾರ್ವಜನಿಕ ಪ್ರಕಟಣೆ
ಸಿ.ಎಸ್.ನಂ: 214/2025
ಈ ಮೂಲಕ ಸಾರ್ವಜನಿಕರಿಗೆ ತಿಳಿಯಪಡಿಸುವುದೇನೆಂದರೆ ಹಾಸನ ತಾಲೂಕು ಕಸಬಾ ಹೋಬಳಿ ಗ್ರಾಮದ ಸರ್ವೆ ನಂಬರ್ ಜಮೀನಿಗೆ ಸಂಬಂಧಿಸಿದಂತೆ ಯಾರಿಗಾದರೂ ಹಕ್ಕು ಬಾಧ್ಯತೆ ಇದ್ದಲ್ಲಿ ಏಳು ದಿನಗಳೊಳಗೆ ದಾಖಲೆ ಸಹಿತ ಸಂಪರ್ಕಿಸತಕ್ಕದ್ದು.
ವಕೀಲರು, ಹಾಸನ
ನ್ಯಾಯಾಲಯದ ಸೂಚನೆ
ಎಂ.ವಿ.ಸಿ.ನಂ: 77/2025
ಅರ್ಜಿದಾರರು: ಶ್ರೀ ರಾಮೇಗೌಡ, ವಾಸ: ಬೇಲೂರು. ಪ್ರತಿವಾದಿಗಳು: ಇತರರು. ಈ ಪ್ರಕರಣದಲ್ಲಿ ಪ್ರತಿವಾದಿಗೆ ನೋಟೀಸ್ ಜಾರಿಯಾಗದ ಕಾರಣ ಪತ್ರಿಕಾ ಪ್ರಕಟಣೆ ಮೂಲಕ ದಿನಾಂಕ 03-12-2025 ರಂದು ಹಾಜರಾಗಲು ಸೂಚಿಸಲಾಗಿದೆ.
ನ್ಯಾಯಾಲಯದ ಆದೇಶದ ಮೇರೆಗೆ
